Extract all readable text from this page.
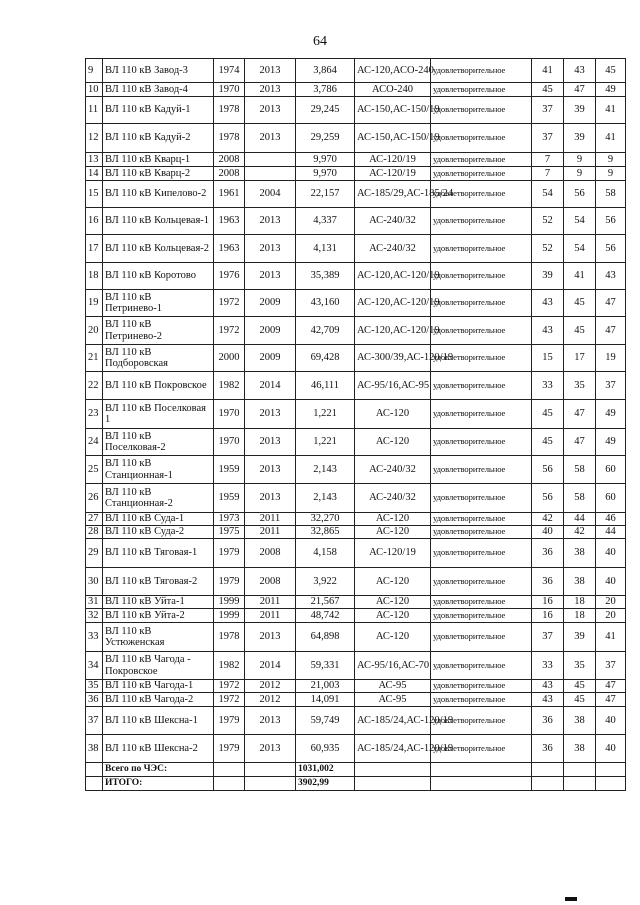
64
9	ВЛ 110 кВ Завод-3	1974	2013	3,864	АС-120,АСО-240	удовлетворительное	41	43	45
10	ВЛ 110 кВ Завод-4	1970	2013	3,786	АСО-240	удовлетворительное	45	47	49
11	ВЛ 110 кВ Кадуй-1	1978	2013	29,245	АС-150,АС-150/19	удовлетворительное	37	39	41
12	ВЛ 110 кВ Кадуй-2	1978	2013	29,259	АС-150,АС-150/19	удовлетворительное	37	39	41
13	ВЛ 110 кВ Кварц-1	2008		9,970	АС-120/19	удовлетворительное	7	9	9
14	ВЛ 110 кВ Кварц-2	2008		9,970	АС-120/19	удовлетворительное	7	9	9
15	ВЛ 110 кВ Кипелово-2	1961	2004	22,157	АС-185/29,АС-185/24	удовлетворительное	54	56	58
16	ВЛ 110 кВ Кольцевая-1	1963	2013	4,337	АС-240/32	удовлетворительное	52	54	56
17	ВЛ 110 кВ Кольцевая-2	1963	2013	4,131	АС-240/32	удовлетворительное	52	54	56
18	ВЛ 110 кВ Коротово	1976	2013	35,389	АС-120,АС-120/19	удовлетворительное	39	41	43
19	ВЛ 110 кВ Петринево-1	1972	2009	43,160	АС-120,АС-120/19	удовлетворительное	43	45	47
20	ВЛ 110 кВ Петринево-2	1972	2009	42,709	АС-120,АС-120/19	удовлетворительное	43	45	47
21	ВЛ 110 кВ Подборовская	2000	2009	69,428	АС-300/39,АС-120/19	удовлетворительное	15	17	19
22	ВЛ 110 кВ Покровское	1982	2014	46,111	АС-95/16,АС-95	удовлетворительное	33	35	37
23	ВЛ 110 кВ Поселковая 1	1970	2013	1,221	АС-120	удовлетворительное	45	47	49
24	ВЛ 110 кВ Поселковая-2	1970	2013	1,221	АС-120	удовлетворительное	45	47	49
25	ВЛ 110 кВ Станционная-1	1959	2013	2,143	АС-240/32	удовлетворительное	56	58	60
26	ВЛ 110 кВ Станционная-2	1959	2013	2,143	АС-240/32	удовлетворительное	56	58	60
27	ВЛ 110 кВ Суда-1	1973	2011	32,270	АС-120	удовлетворительное	42	44	46
28	ВЛ 110 кВ Суда-2	1975	2011	32,865	АС-120	удовлетворительное	40	42	44
29	ВЛ 110 кВ Тяговая-1	1979	2008	4,158	АС-120/19	удовлетворительное	36	38	40
30	ВЛ 110 кВ Тяговая-2	1979	2008	3,922	АС-120	удовлетворительное	36	38	40
31	ВЛ 110 кВ Уйта-1	1999	2011	21,567	АС-120	удовлетворительное	16	18	20
32	ВЛ 110 кВ Уйта-2	1999	2011	48,742	АС-120	удовлетворительное	16	18	20
33	ВЛ 110 кВ Устюженская	1978	2013	64,898	АС-120	удовлетворительное	37	39	41
34	ВЛ 110 кВ Чагода - Покровское	1982	2014	59,331	АС-95/16,АС-70	удовлетворительное	33	35	37
35	ВЛ 110 кВ Чагода-1	1972	2012	21,003	АС-95	удовлетворительное	43	45	47
36	ВЛ 110 кВ Чагода-2	1972	2012	14,091	АС-95	удовлетворительное	43	45	47
37	ВЛ 110 кВ Шексна-1	1979	2013	59,749	АС-185/24,АС-120/19	удовлетворительное	36	38	40
38	ВЛ 110 кВ Шексна-2	1979	2013	60,935	АС-185/24,АС-120/19	удовлетворительное	36	38	40
	Всего по ЧЭС:			1031,002					
	ИТОГО:			3902,99					
